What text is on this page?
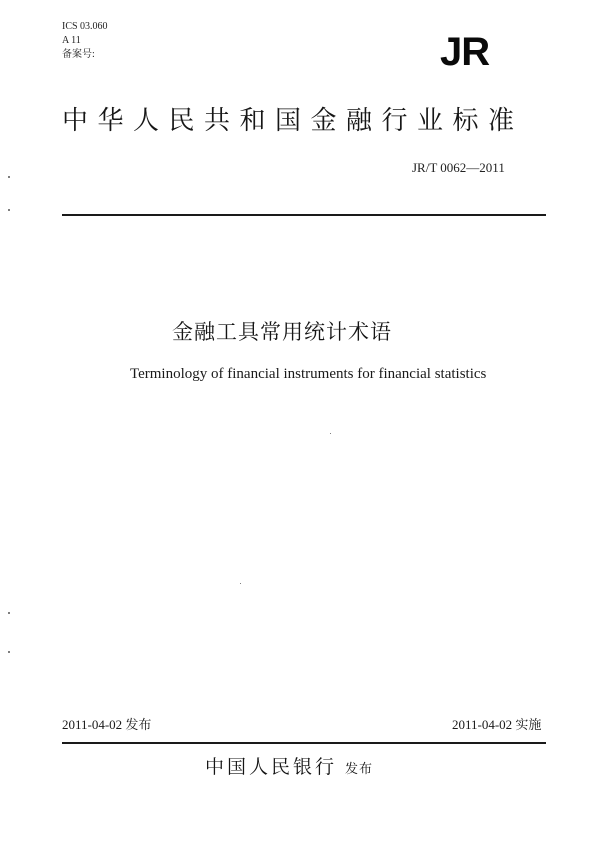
ICS 03.060
A 11
备案号:	JR
中华人民共和国金融行业标准
JR/T 0062—2011
金融工具常用统计术语
Terminology of financial instruments for financial statistics
2011-04-02 发布	2011-04-02 实施
中国人民银行 发布
